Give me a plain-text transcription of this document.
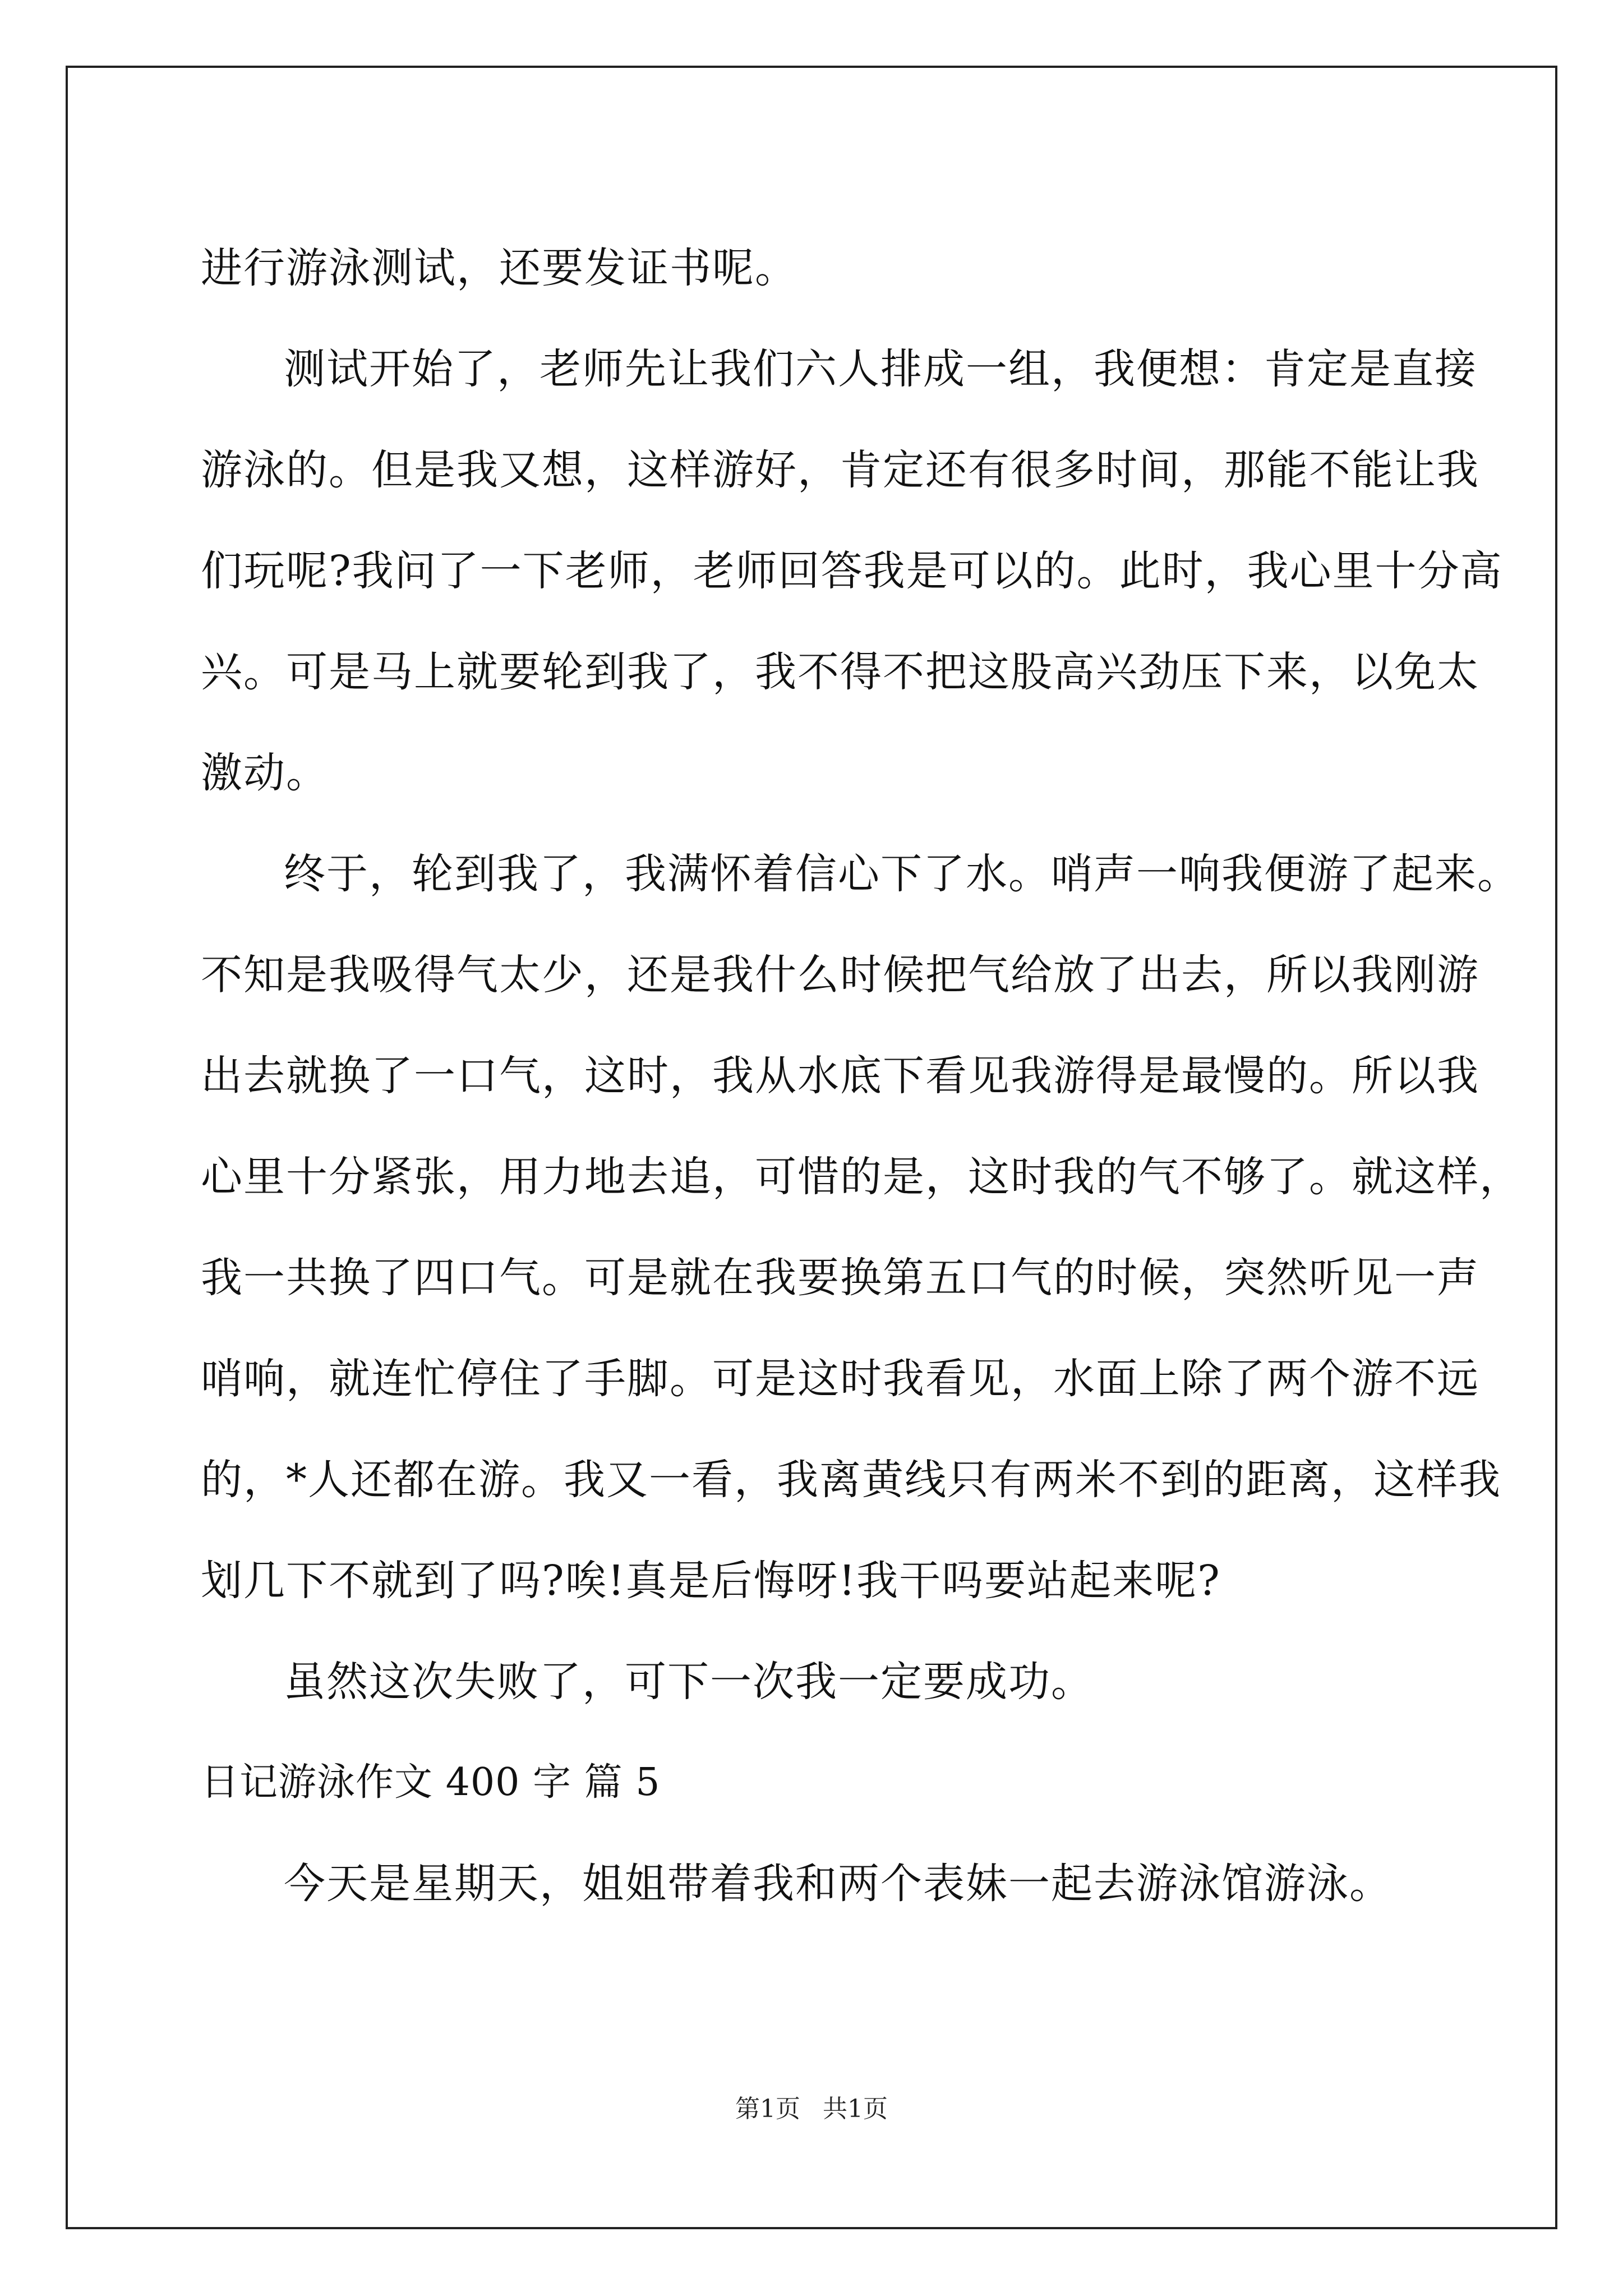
进行游泳测试，还要发证书呢。
测试开始了，老师先让我们六人排成一组，我便想：肯定是直接
游泳的。但是我又想，这样游好，肯定还有很多时间，那能不能让我
们玩呢?我问了一下老师，老师回答我是可以的。此时，我心里十分高
兴。可是马上就要轮到我了，我不得不把这股高兴劲压下来，以免太
激动。
终于，轮到我了，我满怀着信心下了水。哨声一响我便游了起来。
不知是我吸得气太少，还是我什么时候把气给放了出去，所以我刚游
出去就换了一口气，这时，我从水底下看见我游得是最慢的。所以我
心里十分紧张，用力地去追，可惜的是，这时我的气不够了。就这样，
我一共换了四口气。可是就在我要换第五口气的时候，突然听见一声
哨响，就连忙停住了手脚。可是这时我看见，水面上除了两个游不远
的，*人还都在游。我又一看，我离黄线只有两米不到的距离，这样我
划几下不就到了吗?唉!真是后悔呀!我干吗要站起来呢?
虽然这次失败了，可下一次我一定要成功。
日记游泳作文 400 字 篇 5
今天是星期天，姐姐带着我和两个表妹一起去游泳馆游泳。
第1页 共1页
